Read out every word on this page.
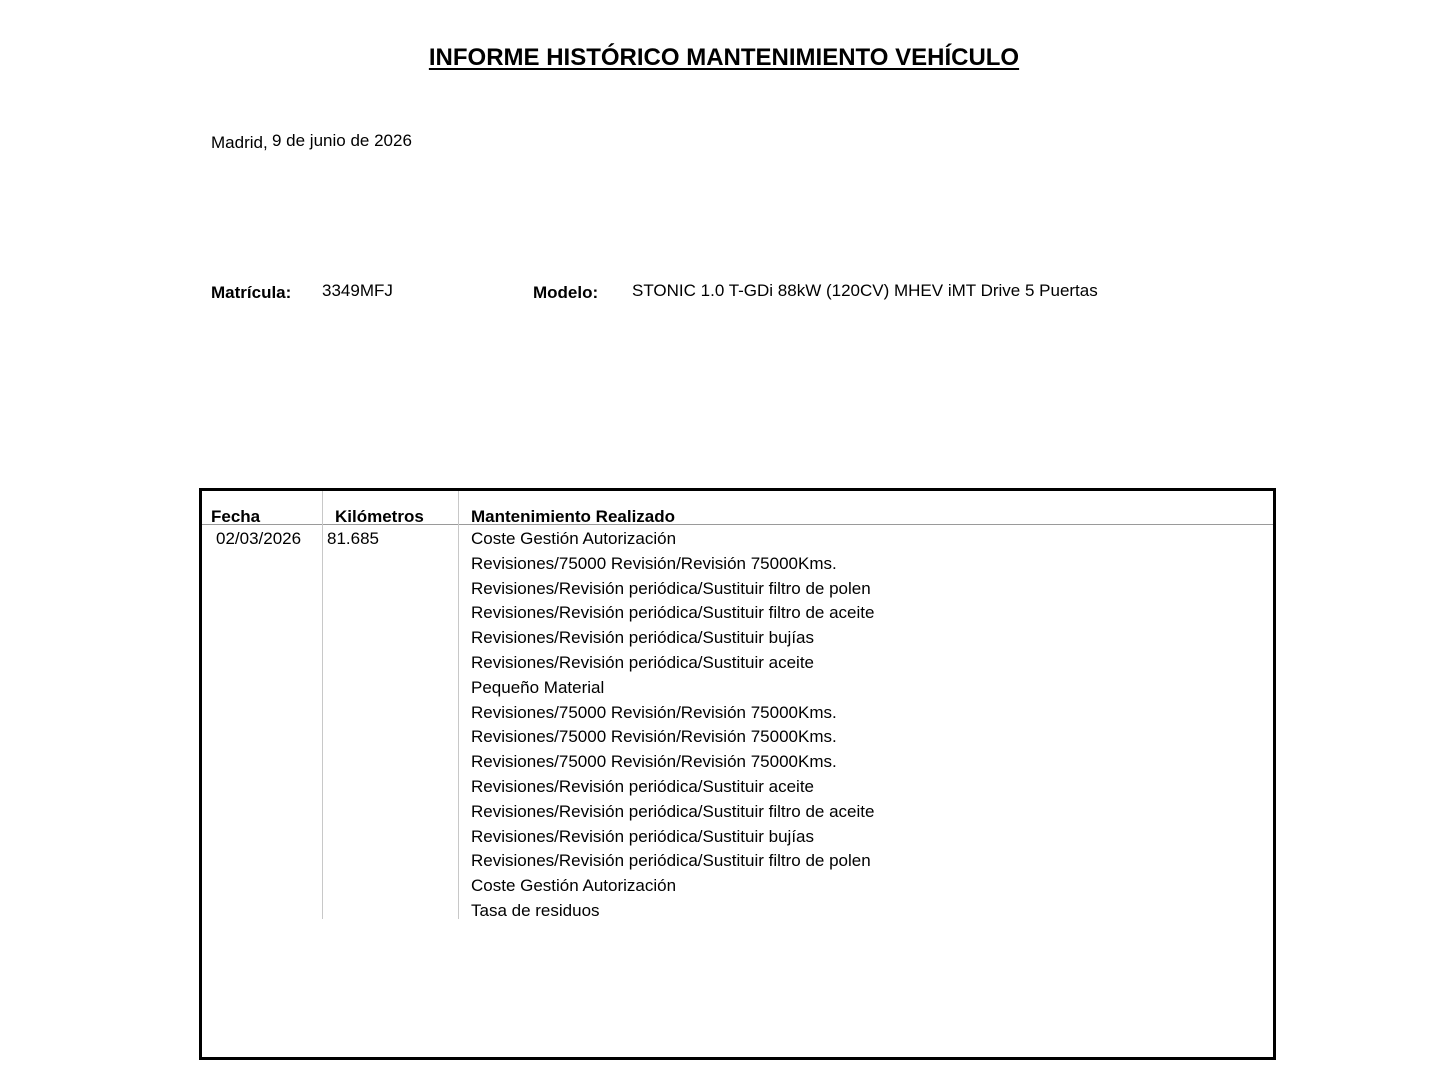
INFORME HISTÓRICO MANTENIMIENTO VEHÍCULO
Madrid, 9 de junio de 2026
Matrícula: 3349MFJ	Modelo: STONIC 1.0 T-GDi 88kW (120CV) MHEV iMT Drive 5 Puertas
Fecha	Kilómetros	Mantenimiento Realizado
02/03/2026 81.685	Coste Gestión Autorización
Revisiones/75000 Revisión/Revisión 75000Kms.
Revisiones/Revisión periódica/Sustituir filtro de polen
Revisiones/Revisión periódica/Sustituir filtro de aceite
Revisiones/Revisión periódica/Sustituir bujías
Revisiones/Revisión periódica/Sustituir aceite
Pequeño Material
Revisiones/75000 Revisión/Revisión 75000Kms.
Revisiones/75000 Revisión/Revisión 75000Kms.
Revisiones/75000 Revisión/Revisión 75000Kms.
Revisiones/Revisión periódica/Sustituir aceite
Revisiones/Revisión periódica/Sustituir filtro de aceite
Revisiones/Revisión periódica/Sustituir bujías
Revisiones/Revisión periódica/Sustituir filtro de polen
Coste Gestión Autorización
Tasa de residuos
